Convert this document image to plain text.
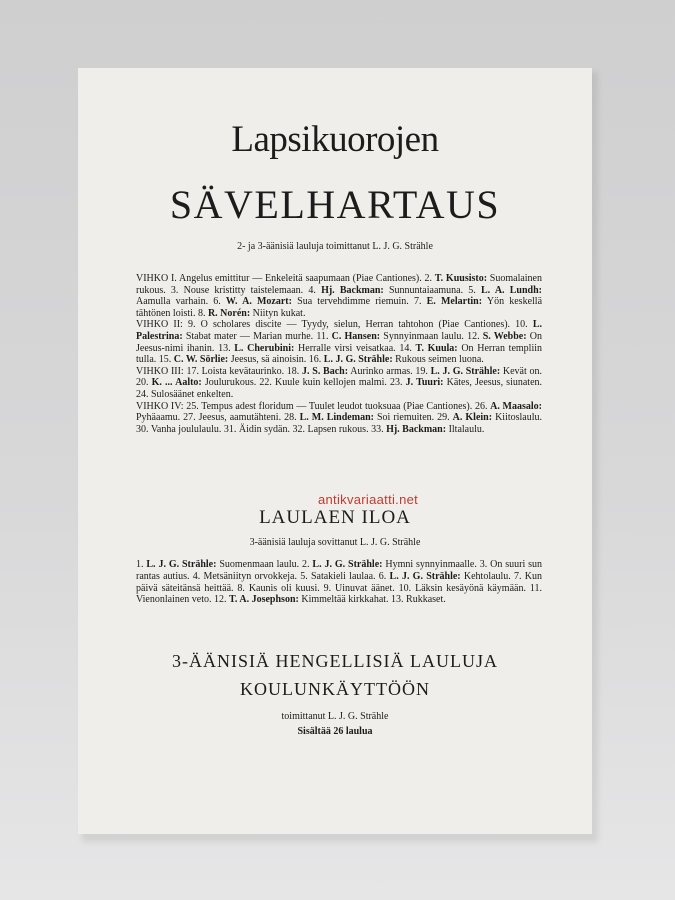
Lapsikuorojen
SÄVELHARTAUS
2- ja 3-äänisiä lauluja toimittanut L. J. G. Strähle

VIHKO I. Angelus emittitur — Enkeleitä saapumaan (Piae Cantiones). 2. T. Kuusisto: Suomalainen rukous. 3. Nouse kristitty taistelemaan. 4. Hj. Backman: Sunnuntaiaamuna. 5. L. A. Lundh: Aamulla varhain. 6. W. A. Mozart: Sua tervehdimme riemuin. 7. E. Melartin: Yön keskellä tähtönen loisti. 8. R. Norén: Niityn kukat.

VIHKO II: 9. O scholares discite — Tyydy, sielun, Herran tahtohon (Piae Cantiones). 10. L. Palestrina: Stabat mater — Marian murhe. 11. C. Hansen: Synnyinmaan laulu. 12. S. Webbe: On Jeesus-nimi ihanin. 13. L. Cherubini: Herralle virsi veisatkaa. 14. T. Kuula: On Herran templiin tulla. 15. C. W. Sörlie: Jeesus, sä ainoisin. 16. L. J. G. Strähle: Rukous seimen luona.

VIHKO III: 17. Loista kevätaurinko. 18. J. S. Bach: Aurinko armas. 19. L. J. G. Strähle: Kevät on. 20. K. ... Aalto: Joulurukous. 22. Kuule kuin kellojen malmi. 23. J. Tuuri: Kätes, Jeesus, siunaten. 24. Sulosäänet enkelten.

VIHKO IV: 25. Tempus adest floridum — Tuulet leudot tuoksuaa (Piae Cantiones). 26. A. Maasalo: Pyhäaamu. 27. Jeesus, aamutähteni. 28. L. M. Lindeman: Soi riemuiten. 29. A. Klein: Kiitoslaulu. 30. Vanha joululaulu. 31. Äidin sydän. 32. Lapsen rukous. 33. Hj. Backman: Iltalaulu.

LAULAEN ILOA
3-äänisiä lauluja sovittanut L. J. G. Strähle

1. L. J. G. Strähle: Suomenmaan laulu. 2. L. J. G. Strähle: Hymni synnyinmaalle. 3. On suuri sun rantas autius. 4. Metsäniityn orvokkeja. 5. Satakieli laulaa. 6. L. J. G. Strähle: Kehtolaulu. 7. Kun päivä säteitänsä heittää. 8. Kaunis oli kuusi. 9. Uinuvat äänet. 10. Läksin kesäyönä käymään. 11. Vienonlainen veto. 12. T. A. Josephson: Kimmeltää kirkkahat. 13. Rukkaset.

3-ÄÄNISIÄ HENGELLISIÄ LAULUJA
KOULUNKÄYTTÖÖN
toimittanut L. J. G. Strähle
Sisältää 26 laulua
antikvariaatti.net
